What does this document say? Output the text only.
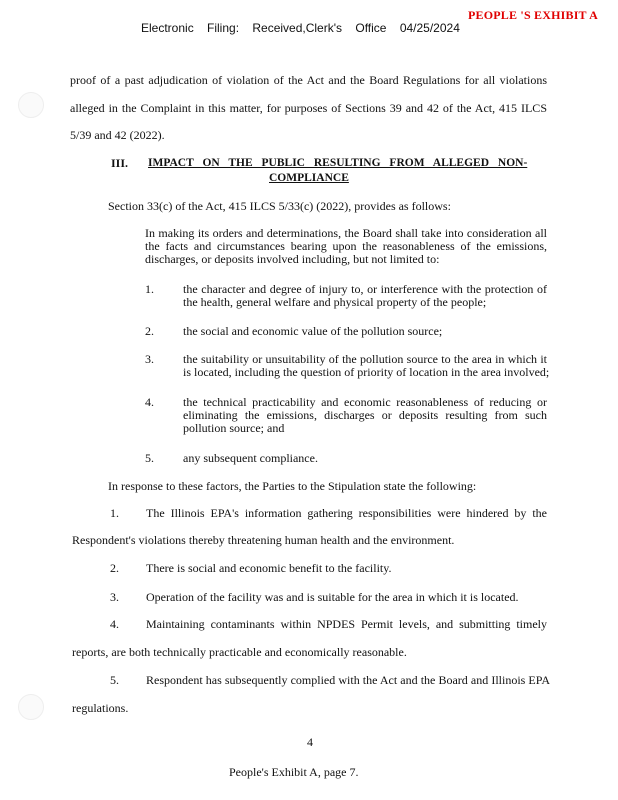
PEOPLE 'S EXHIBIT A
Electronic Filing: Received,Clerk's Office 04/25/2024
proof of a past adjudication of violation of the Act and the Board Regulations for all violations
alleged in the Complaint in this matter, for purposes of Sections 39 and 42 of the Act, 415 ILCS
5/39 and 42 (2022).
III. IMPACT ON THE PUBLIC RESULTING FROM ALLEGED NON-
COMPLIANCE
Section 33(c) of the Act, 415 ILCS 5/33(c) (2022), provides as follows:
In making its orders and determinations, the Board shall take into consideration all
the facts and circumstances bearing upon the reasonableness of the emissions,
discharges, or deposits involved including, but not limited to:
1. the character and degree of injury to, or interference with the protection of
the health, general welfare and physical property of the people;
2. the social and economic value of the pollution source;
3. the suitability or unsuitability of the pollution source to the area in which it
is located, including the question of priority of location in the area involved;
4. the technical practicability and economic reasonableness of reducing or
eliminating the emissions, discharges or deposits resulting from such
pollution source; and
5. any subsequent compliance.
In response to these factors, the Parties to the Stipulation state the following:
1. The Illinois EPA's information gathering responsibilities were hindered by the
Respondent's violations thereby threatening human health and the environment.
2. There is social and economic benefit to the facility.
3. Operation of the facility was and is suitable for the area in which it is located.
4. Maintaining contaminants within NPDES Permit levels, and submitting timely
reports, are both technically practicable and economically reasonable.
5. Respondent has subsequently complied with the Act and the Board and Illinois EPA
regulations.
4
People's Exhibit A, page 7.
